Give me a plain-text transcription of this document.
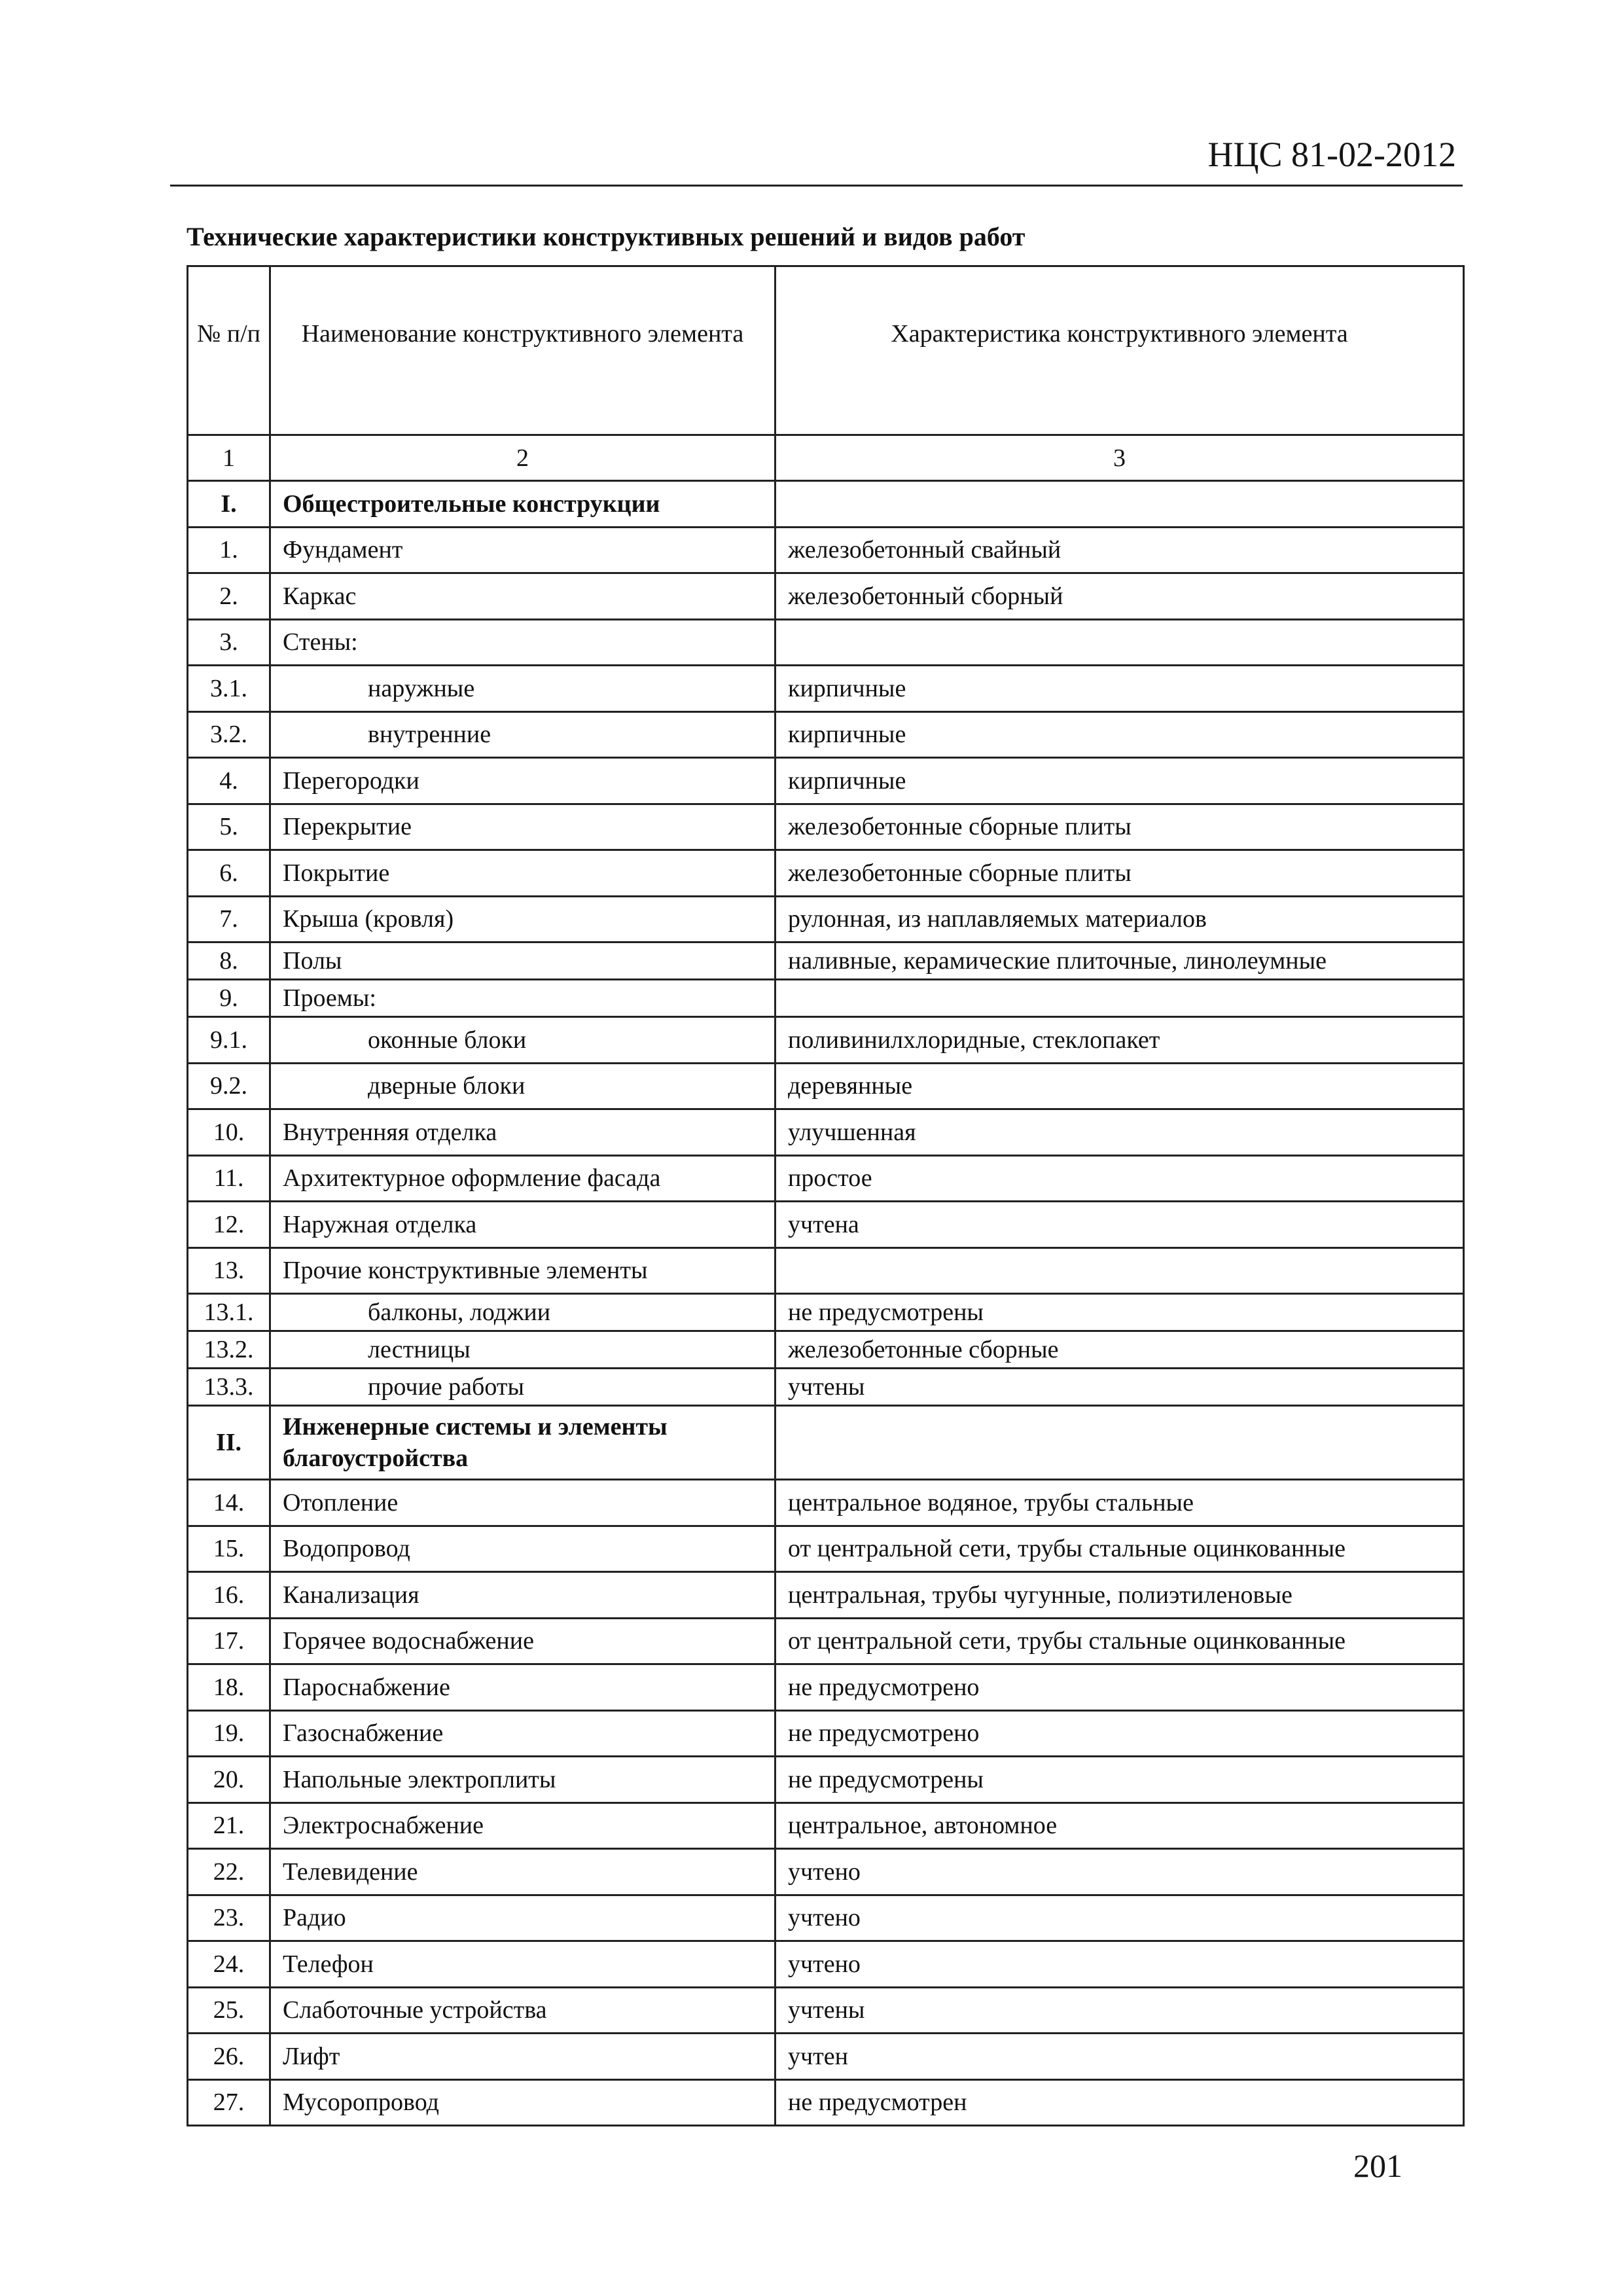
НЦС 81-02-2012
Технические характеристики конструктивных решений и видов работ
№ п/п	Наименование конструктивного элемента	Характеристика конструктивного элемента
1	2	3
I.	Общестроительные конструкции	
1.	Фундамент	железобетонный свайный
2.	Каркас	железобетонный сборный
3.	Стены:	
3.1.	наружные	кирпичные
3.2.	внутренние	кирпичные
4.	Перегородки	кирпичные
5.	Перекрытие	железобетонные сборные плиты
6.	Покрытие	железобетонные сборные плиты
7.	Крыша (кровля)	рулонная, из наплавляемых материалов
8.	Полы	наливные, керамические плиточные, линолеумные
9.	Проемы:	
9.1.	оконные блоки	поливинилхлоридные, стеклопакет
9.2.	дверные блоки	деревянные
10.	Внутренняя отделка	улучшенная
11.	Архитектурное оформление фасада	простое
12.	Наружная отделка	учтена
13.	Прочие конструктивные элементы	
13.1.	балконы, лоджии	не предусмотрены
13.2.	лестницы	железобетонные сборные
13.3.	прочие работы	учтены
II.	Инженерные системы и элементы благоустройства	
14.	Отопление	центральное водяное, трубы стальные
15.	Водопровод	от центральной сети, трубы стальные оцинкованные
16.	Канализация	центральная, трубы чугунные, полиэтиленовые
17.	Горячее водоснабжение	от центральной сети, трубы стальные оцинкованные
18.	Пароснабжение	не предусмотрено
19.	Газоснабжение	не предусмотрено
20.	Напольные электроплиты	не предусмотрены
21.	Электроснабжение	центральное, автономное
22.	Телевидение	учтено
23.	Радио	учтено
24.	Телефон	учтено
25.	Слаботочные устройства	учтены
26.	Лифт	учтен
27.	Мусоропровод	не предусмотрен
201
